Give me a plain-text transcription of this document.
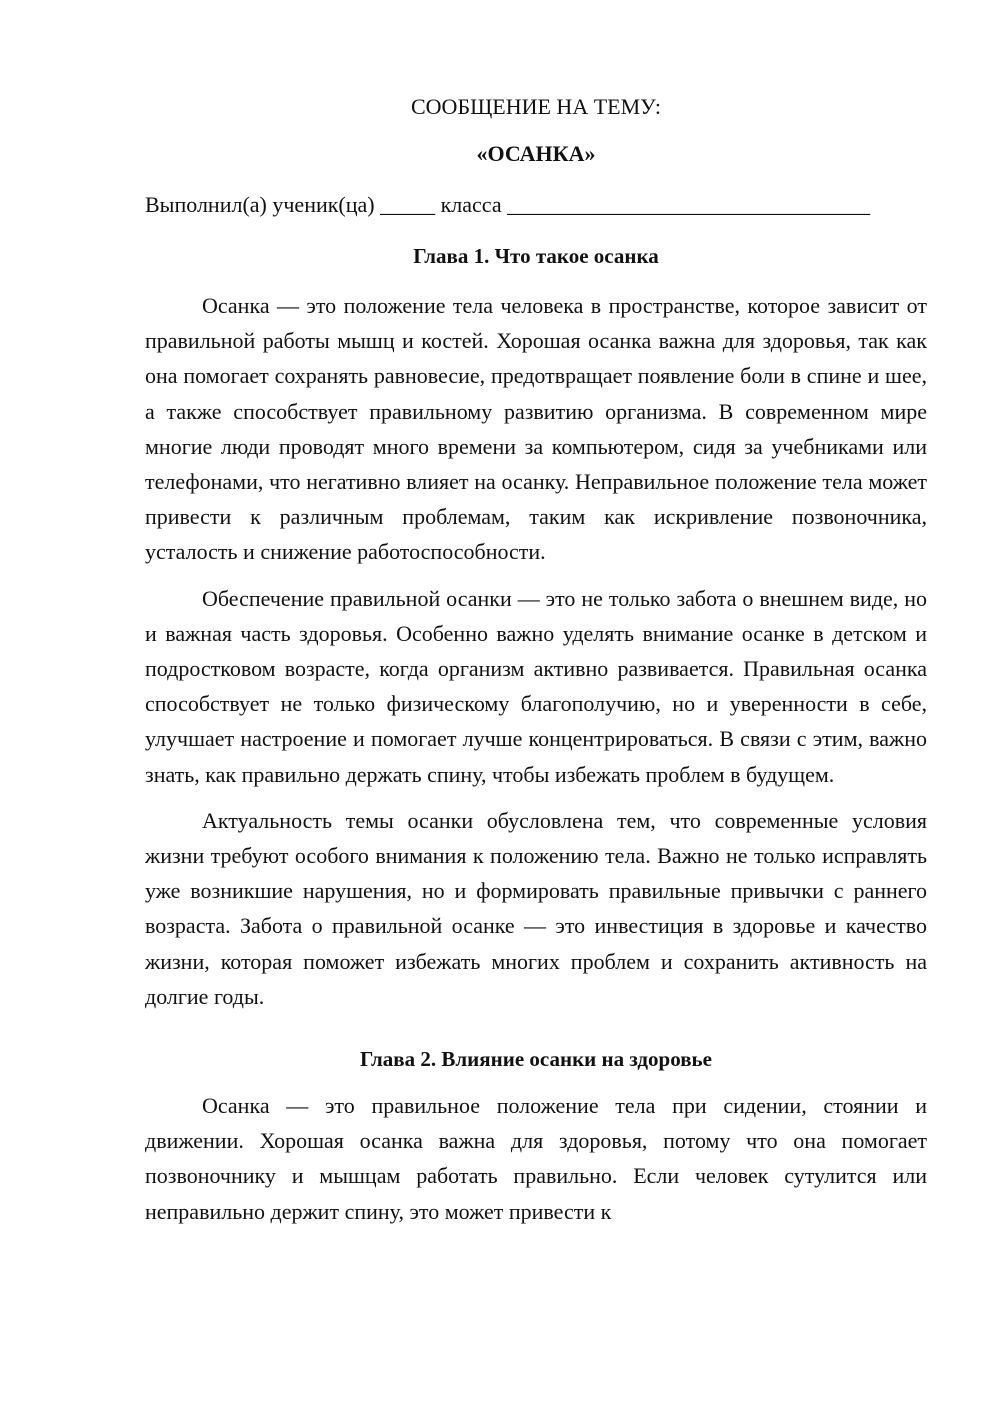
СООБЩЕНИЕ НА ТЕМУ:

«ОСАНКА»

Выполнил(а) ученик(ца) _____ класса _________________________________

Глава 1. Что такое осанка

Осанка — это положение тела человека в пространстве, которое зависит от правильной работы мышц и костей. Хорошая осанка важна для здоровья, так как она помогает сохранять равновесие, предотвращает появление боли в спине и шее, а также способствует правильному развитию организма. В современном мире многие люди проводят много времени за компьютером, сидя за учебниками или телефонами, что негативно влияет на осанку. Неправильное положение тела может привести к различным проблемам, таким как искривление позвоночника, усталость и снижение работоспособности.

Обеспечение правильной осанки — это не только забота о внешнем виде, но и важная часть здоровья. Особенно важно уделять внимание осанке в детском и подростковом возрасте, когда организм активно развивается. Правильная осанка способствует не только физическому благополучию, но и уверенности в себе, улучшает настроение и помогает лучше концентрироваться. В связи с этим, важно знать, как правильно держать спину, чтобы избежать проблем в будущем.

Актуальность темы осанки обусловлена тем, что современные условия жизни требуют особого внимания к положению тела. Важно не только исправлять уже возникшие нарушения, но и формировать правильные привычки с раннего возраста. Забота о правильной осанке — это инвестиция в здоровье и качество жизни, которая поможет избежать многих проблем и сохранить активность на долгие годы.

Глава 2. Влияние осанки на здоровье

Осанка — это правильное положение тела при сидении, стоянии и движении. Хорошая осанка важна для здоровья, потому что она помогает позвоночнику и мышцам работать правильно. Если человек сутулится или неправильно держит спину, это может привести к
